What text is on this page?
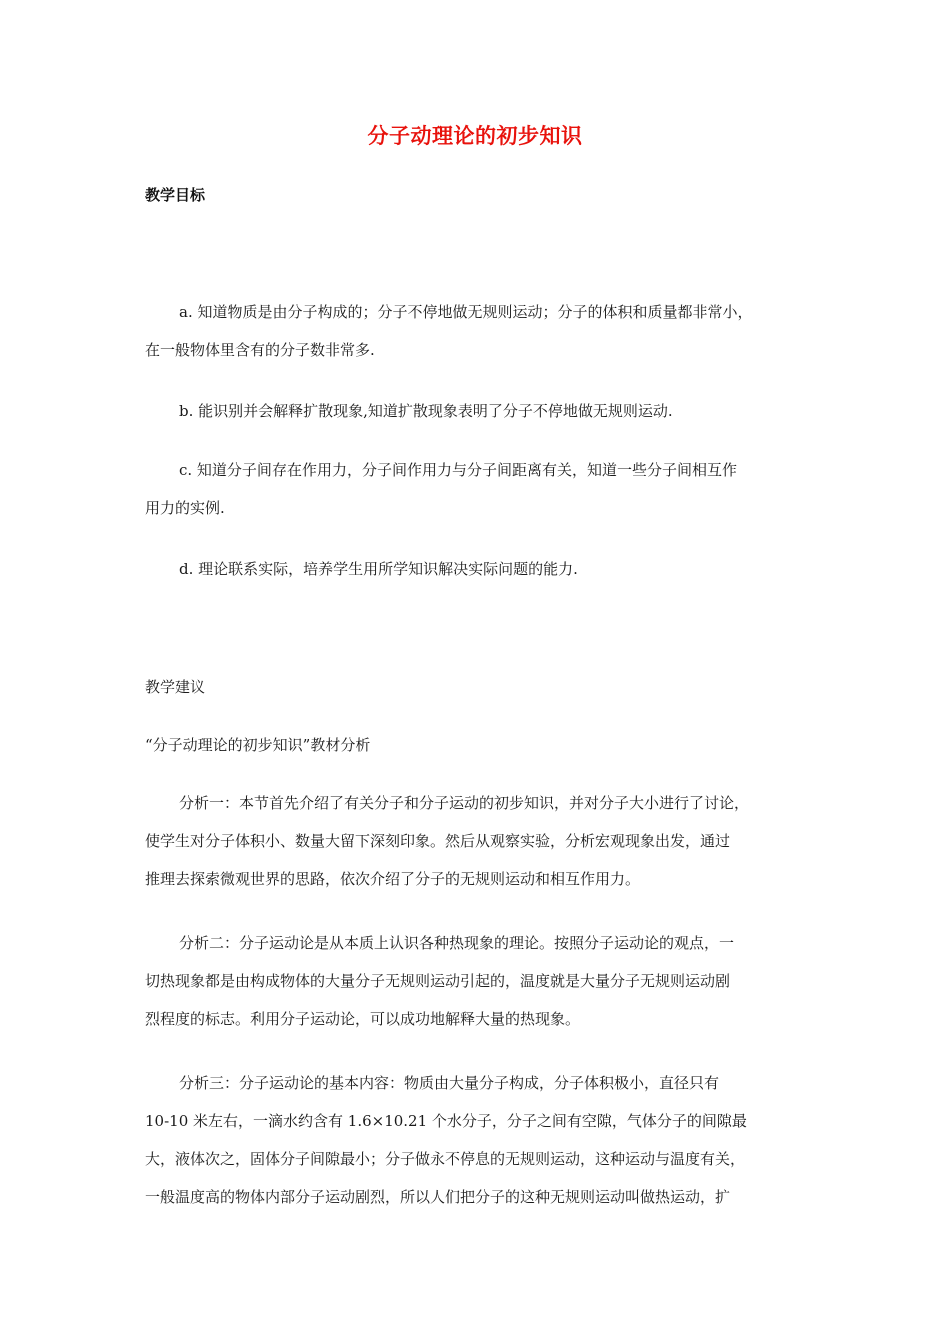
分子动理论的初步知识
教学目标
a. 知道物质是由分子构成的；分子不停地做无规则运动；分子的体积和质量都非常小，
在一般物体里含有的分子数非常多.
b. 能识别并会解释扩散现象,知道扩散现象表明了分子不停地做无规则运动.
c. 知道分子间存在作用力，分子间作用力与分子间距离有关，知道一些分子间相互作
用力的实例.
d. 理论联系实际，培养学生用所学知识解决实际问题的能力.
教学建议
“分子动理论的初步知识”教材分析
分析一：本节首先介绍了有关分子和分子运动的初步知识，并对分子大小进行了讨论，
使学生对分子体积小、数量大留下深刻印象。然后从观察实验，分析宏观现象出发，通过
推理去探索微观世界的思路，依次介绍了分子的无规则运动和相互作用力。
分析二：分子运动论是从本质上认识各种热现象的理论。按照分子运动论的观点，一
切热现象都是由构成物体的大量分子无规则运动引起的，温度就是大量分子无规则运动剧
烈程度的标志。利用分子运动论，可以成功地解释大量的热现象。
分析三：分子运动论的基本内容：物质由大量分子构成，分子体积极小，直径只有
10-10 米左右，一滴水约含有 1.6×10.21 个水分子，分子之间有空隙，气体分子的间隙最
大，液体次之，固体分子间隙最小；分子做永不停息的无规则运动，这种运动与温度有关，
一般温度高的物体内部分子运动剧烈，所以人们把分子的这种无规则运动叫做热运动，扩
